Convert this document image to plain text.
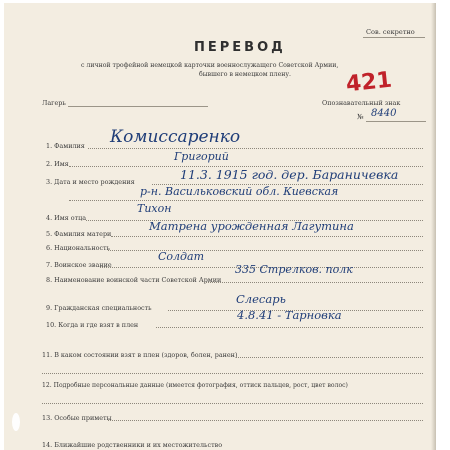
Сов. секретно
ПЕРЕВОД
с личной трофейной немецкой карточки военнослужащего Советской Армии,
бывшего в немецком плену. 421
Лагерь	Опознавательный знак
№ 8440
1. Фамилия Комиссаренко
2. Имя
Григорий
3. Дата и место рождения	11.3. 1915 год. дер. Бараничевка
р-н. Васильковский обл. Киевская
4. Имя отца
Тихон
5. Фамилия матери
Матрена урожденная Лагутина
6. Национальность
7. Воинское звание
Солдат
8. Наименование воинской части Советской Армии
335 Стрелков. полк
9. Гражданская специальность
Слесарь
10. Когда и где взят в плен
4.8.41 - Тарновка
11. В каком состоянии взят в плен (здоров, болен, ранен)
12. Подробные персональные данные (имеется фотография, оттиск пальцев, рост, цвет волос)
13. Особые приметы
14. Ближайшие родственники и их местожительство
